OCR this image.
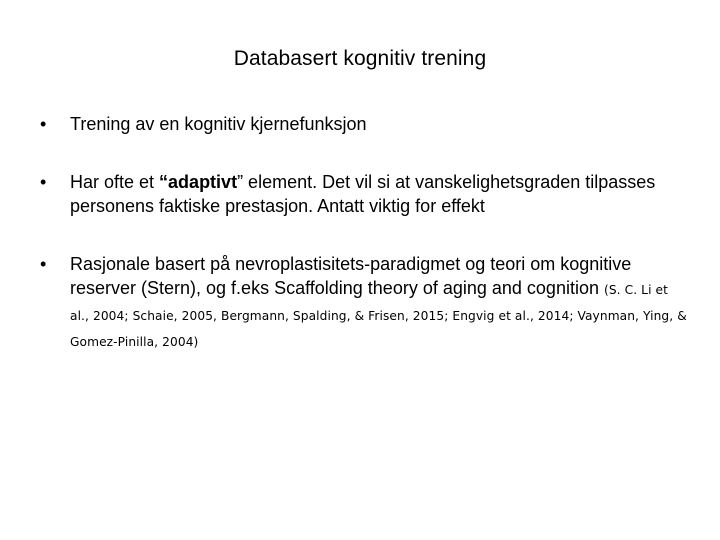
Databasert kognitiv trening
• Trening av en kognitiv kjernefunksjon
• Har ofte et “adaptivt” element. Det vil si at vanskelighetsgraden tilpasses personens faktiske prestasjon. Antatt viktig for effekt
• Rasjonale basert på nevroplastisitets-paradigmet og teori om kognitive reserver (Stern), og f.eks Scaffolding theory of aging and cognition (S. C. Li et al., 2004; Schaie, 2005, Bergmann, Spalding, & Frisen, 2015; Engvig et al., 2014; Vaynman, Ying, & Gomez-Pinilla, 2004)
